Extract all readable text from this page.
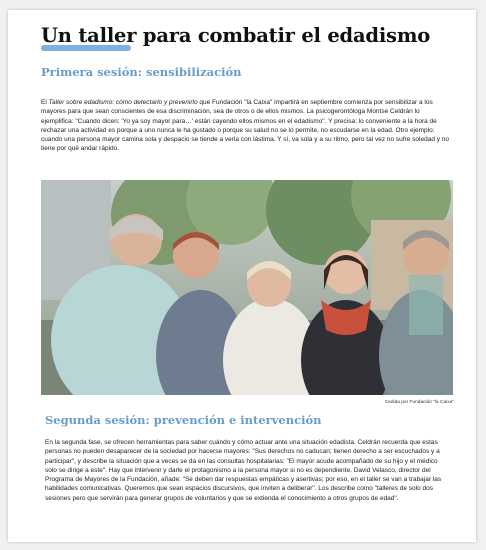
Un taller para combatir el edadismo
Primera sesión: sensibilización

El Taller sobre edadismo: cómo detectarlo y prevenirlo que Fundación "la Caixa" impartirá en septiembre comienza por sensibilizar a los mayores para que sean conscientes de esa discriminación, sea de otros o de ellos mismos. La psicogerontóloga Montse Celdrán lo ejemplifica: "Cuando dicen: 'Yo ya soy mayor para…' están cayendo ellos mismos en el edadismo". Y precisa: lo conveniente a la hora de rechazar una actividad es porque a uno nunca le ha gustado o porque su salud no se lo permite, no escudarse en la edad. Otro ejemplo: cuando una persona mayor camina sola y despacio se tiende a verla con lástima. Y sí, va sola y a su ritmo, pero tal vez no sufre soledad y no tiene por qué andar rápido.

Cedida por Fundación "la Caixa"

Segunda sesión: prevención e intervención

En la segunda fase, se ofrecen herramientas para saber cuándo y cómo actuar ante una situación edadista. Celdrán recuerda que estas personas no pueden desaparecer de la sociedad por hacerse mayores: "Sus derechos no caducan; tienen derecho a ser escuchados y a participar", y describe la situación que a veces se da en las consultas hospitalarias: "El mayor acude acompañado de su hijo y el médico solo se dirige a este". Hay que intervenir y darle el protagonismo a la persona mayor si no es dependiente. David Velasco, director del Programa de Mayores de la Fundación, añade: "Se deben dar respuestas empáticas y asertivas; por eso, en el taller se van a trabajar las habilidades comunicativas. Queremos que sean espacios discursivos, que inviten a deliberar". Los describe como "talleres de solo dos sesiones pero que servirán para generar grupos de voluntarios y que se extienda el conocimiento a otros grupos de edad".
